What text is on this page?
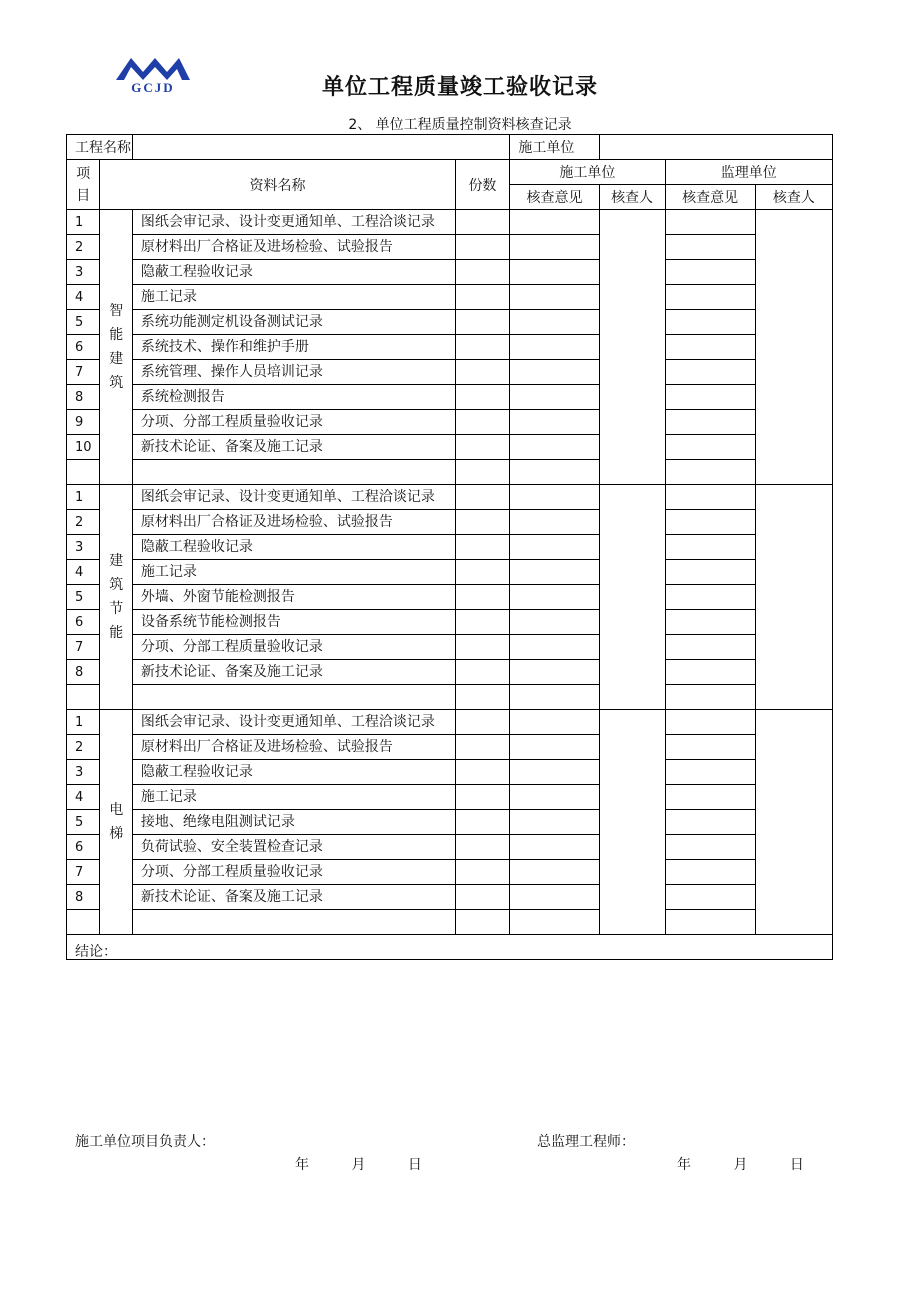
GCJD	单位工程质量竣工验收记录
2、 单位工程质量控制资料核查记录
工程名称				施工单位			
项目	资料名称		份数	施工单位		监理单位	
				核查意见	核查人	核查意见	核查人
1	智能建筑	图纸会审记录、设计变更通知单、工程洽谈记录					
2		原材料出厂合格证及进场检验、试验报告					
3		隐蔽工程验收记录					
4		施工记录					
5		系统功能测定机设备测试记录					
6		系统技术、操作和维护手册					
7		系统管理、操作人员培训记录					
8		系统检测报告					
9		分项、分部工程质量验收记录					
10		新技术论证、备案及施工记录					

1	建筑节能	图纸会审记录、设计变更通知单、工程洽谈记录					
2		原材料出厂合格证及进场检验、试验报告					
3		隐蔽工程验收记录					
4		施工记录					
5		外墙、外窗节能检测报告					
6		设备系统节能检测报告					
7		分项、分部工程质量验收记录					
8		新技术论证、备案及施工记录					

1	电梯	图纸会审记录、设计变更通知单、工程洽谈记录					
2		原材料出厂合格证及进场检验、试验报告					
3		隐蔽工程验收记录					
4		施工记录					
5		接地、绝缘电阻测试记录					
6		负荷试验、安全装置检查记录					
7		分项、分部工程质量验收记录					
8		新技术论证、备案及施工记录					

结论：
施工单位项目负责人： 总监理工程师：
年 月 日 年 月 日							
